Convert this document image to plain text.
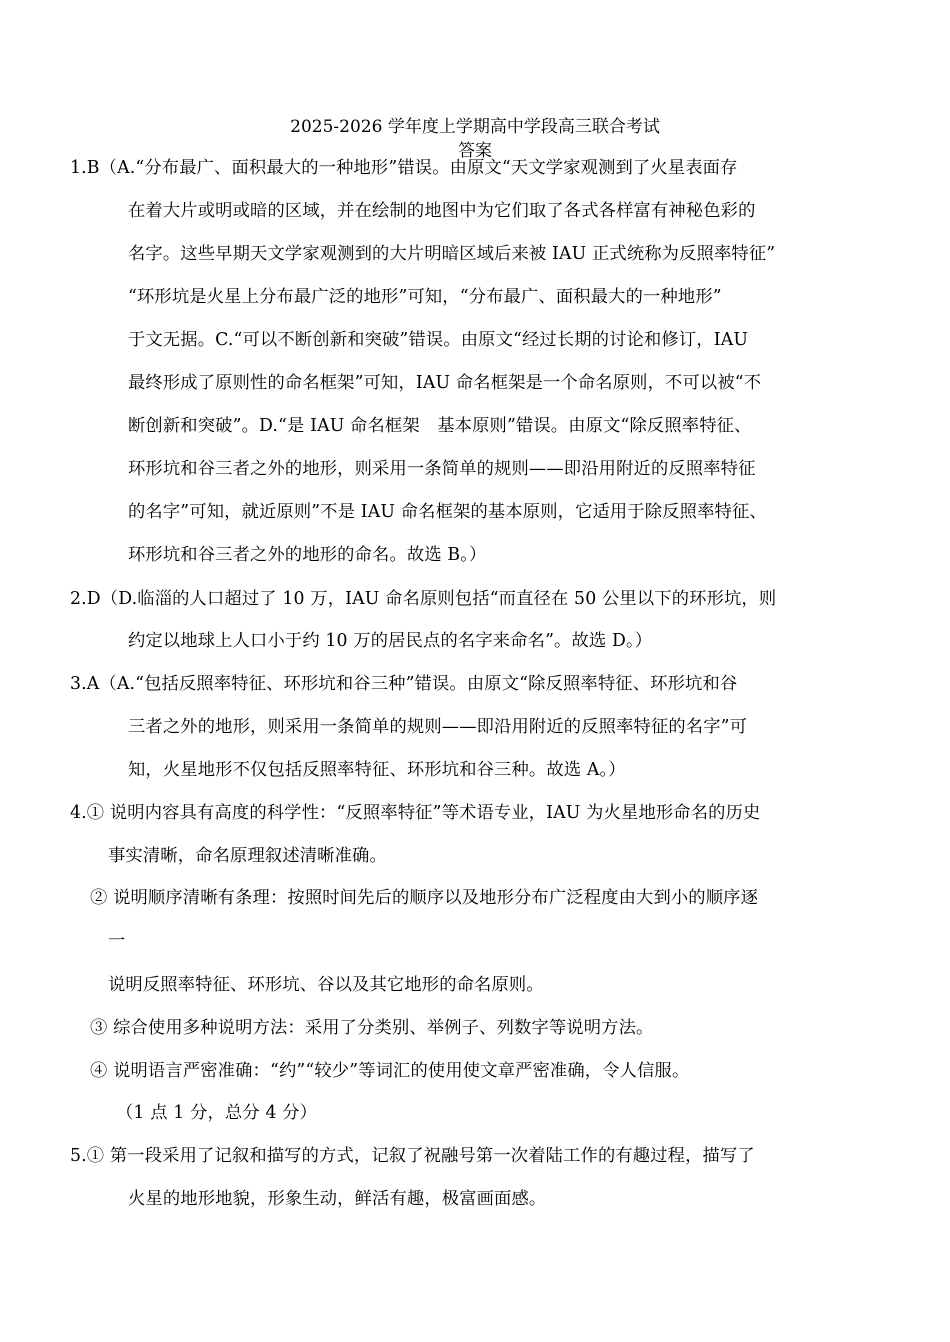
2025-2026 学年度上学期高中学段高三联合考试
答案
1.B（A.“分布最广、面积最大的一种地形”错误。由原文“天文学家观测到了火星表面存
在着大片或明或暗的区域，并在绘制的地图中为它们取了各式各样富有神秘色彩的
名字。这些早期天文学家观测到的大片明暗区域后来被 IAU 正式统称为反照率特征”
“环形坑是火星上分布最广泛的地形”可知，“分布最广、面积最大的一种地形”
于文无据。C.“可以不断创新和突破”错误。由原文“经过长期的讨论和修订，IAU
最终形成了原则性的命名框架”可知，IAU 命名框架是一个命名原则，不可以被“不
断创新和突破”。D.“是 IAU 命名框架　基本原则”错误。由原文“除反照率特征、
环形坑和谷三者之外的地形，则采用一条简单的规则——即沿用附近的反照率特征
的名字”可知，就近原则”不是 IAU 命名框架的基本原则，它适用于除反照率特征、
环形坑和谷三者之外的地形的命名。故选 B。）
2.D（D.临淄的人口超过了 10 万，IAU 命名原则包括“而直径在 50 公里以下的环形坑，则
约定以地球上人口小于约 10 万的居民点的名字来命名”。故选 D。）
3.A（A.“包括反照率特征、环形坑和谷三种”错误。由原文“除反照率特征、环形坑和谷
三者之外的地形，则采用一条简单的规则——即沿用附近的反照率特征的名字”可
知，火星地形不仅包括反照率特征、环形坑和谷三种。故选 A。）
4.① 说明内容具有高度的科学性：“反照率特征”等术语专业，IAU 为火星地形命名的历史
事实清晰，命名原理叙述清晰准确。
② 说明顺序清晰有条理：按照时间先后的顺序以及地形分布广泛程度由大到小的顺序逐
一
说明反照率特征、环形坑、谷以及其它地形的命名原则。
③ 综合使用多种说明方法：采用了分类别、举例子、列数字等说明方法。
④ 说明语言严密准确：“约”“较少”等词汇的使用使文章严密准确，令人信服。
（1 点 1 分，总分 4 分）
5.① 第一段采用了记叙和描写的方式，记叙了祝融号第一次着陆工作的有趣过程，描写了
火星的地形地貌，形象生动，鲜活有趣，极富画面感。
